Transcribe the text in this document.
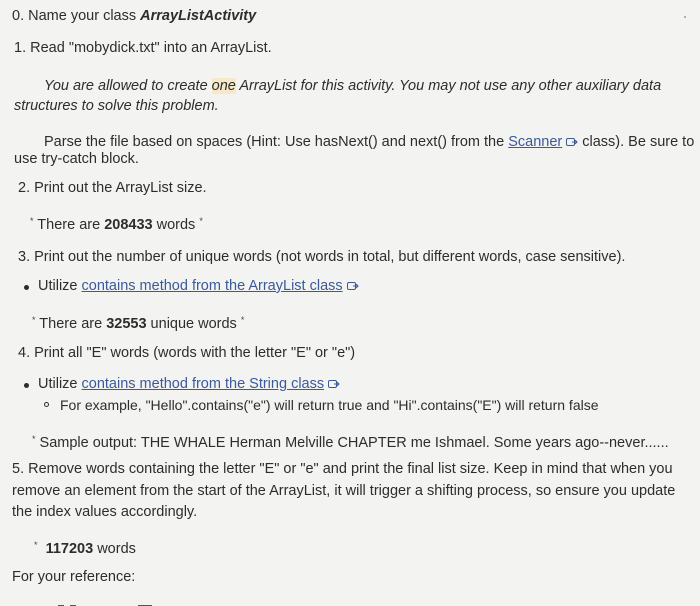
0. Name your class ArrayListActivity
1. Read "mobydick.txt" into an ArrayList.
You are allowed to create one ArrayList for this activity. You may not use any other auxiliary data
structures to solve this problem.
Parse the file based on spaces (Hint: Use hasNext() and next() from the Scanner class). Be sure to
use try-catch block.
2. Print out the ArrayList size.
* There are 208433 words *
3. Print out the number of unique words (not words in total, but different words, case sensitive).
Utilize contains method from the ArrayList class
* There are 32553 unique words *
4. Print all "E" words (words with the letter "E" or "e")
Utilize contains method from the String class
For example, "Hello".contains("e") will return true and "Hi".contains("E") will return false
* Sample output: THE WHALE Herman Melville CHAPTER me Ishmael. Some years ago--never......
5. Remove words containing the letter "E" or "e" and print the final list size. Keep in mind that when you
remove an element from the start of the ArrayList, it will trigger a shifting process, so ensure you update
the index values accordingly.
* 117203 words
For your reference:
